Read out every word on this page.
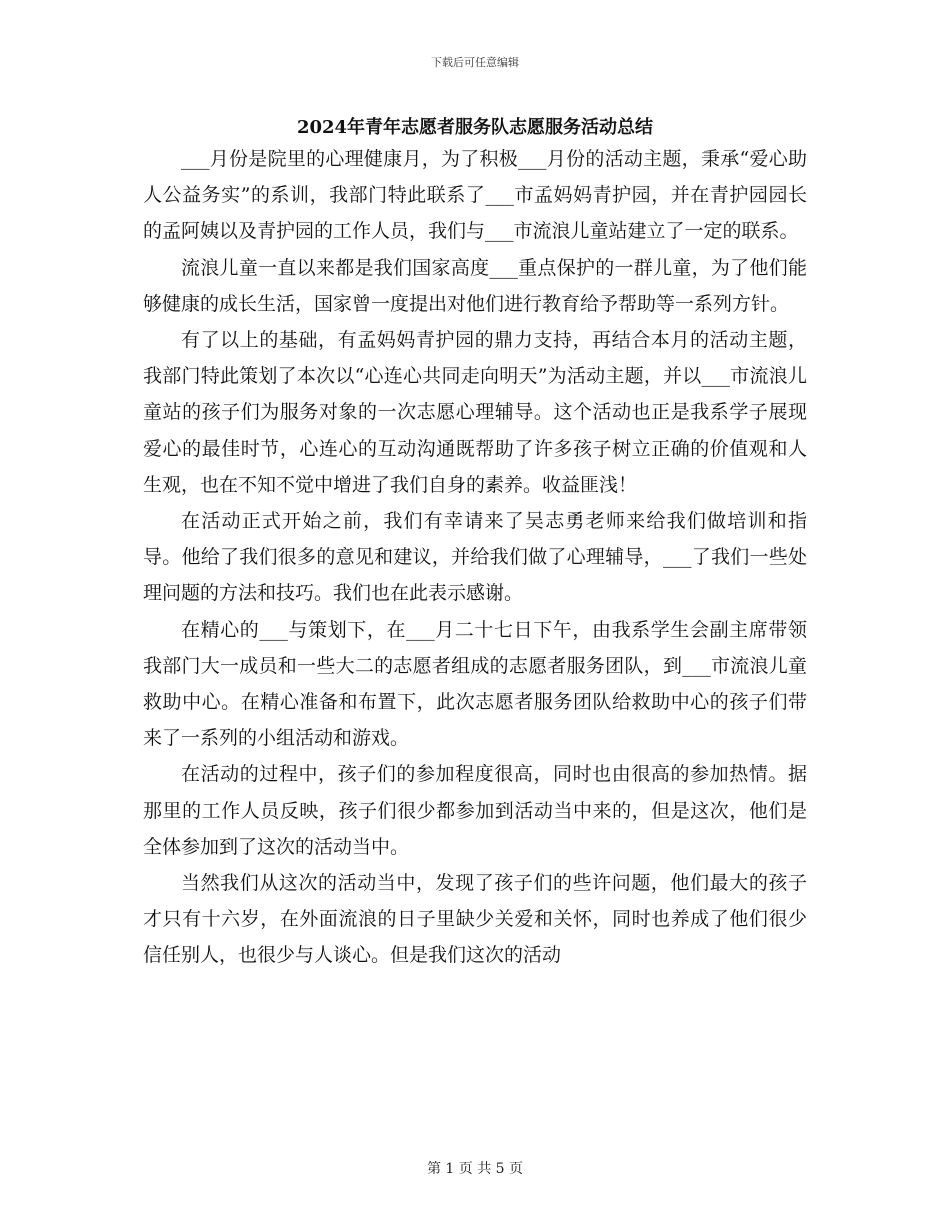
下载后可任意编辑
2024年青年志愿者服务队志愿服务活动总结

___月份是院里的心理健康月，为了积极___月份的活动主题，秉承“爱心助人公益务实”的系训，我部门特此联系了___市孟妈妈青护园，并在青护园园长的孟阿姨以及青护园的工作人员，我们与___市流浪儿童站建立了一定的联系。

流浪儿童一直以来都是我们国家高度___重点保护的一群儿童，为了他们能够健康的成长生活，国家曾一度提出对他们进行教育给予帮助等一系列方针。

有了以上的基础，有孟妈妈青护园的鼎力支持，再结合本月的活动主题，我部门特此策划了本次以“心连心共同走向明天”为活动主题，并以___市流浪儿童站的孩子们为服务对象的一次志愿心理辅导。这个活动也正是我系学子展现爱心的最佳时节，心连心的互动沟通既帮助了许多孩子树立正确的价值观和人生观，也在不知不觉中增进了我们自身的素养。收益匪浅！

在活动正式开始之前，我们有幸请来了吴志勇老师来给我们做培训和指导。他给了我们很多的意见和建议，并给我们做了心理辅导，___了我们一些处理问题的方法和技巧。我们也在此表示感谢。

在精心的___与策划下，在___月二十七日下午，由我系学生会副主席带领我部门大一成员和一些大二的志愿者组成的志愿者服务团队，到___市流浪儿童救助中心。在精心准备和布置下，此次志愿者服务团队给救助中心的孩子们带来了一系列的小组活动和游戏。

在活动的过程中，孩子们的参加程度很高，同时也由很高的参加热情。据那里的工作人员反映，孩子们很少都参加到活动当中来的，但是这次，他们是全体参加到了这次的活动当中。

当然我们从这次的活动当中，发现了孩子们的些许问题，他们最大的孩子才只有十六岁，在外面流浪的日子里缺少关爱和关怀，同时也养成了他们很少信任别人，也很少与人谈心。但是我们这次的活动

第 1 页 共 5 页
